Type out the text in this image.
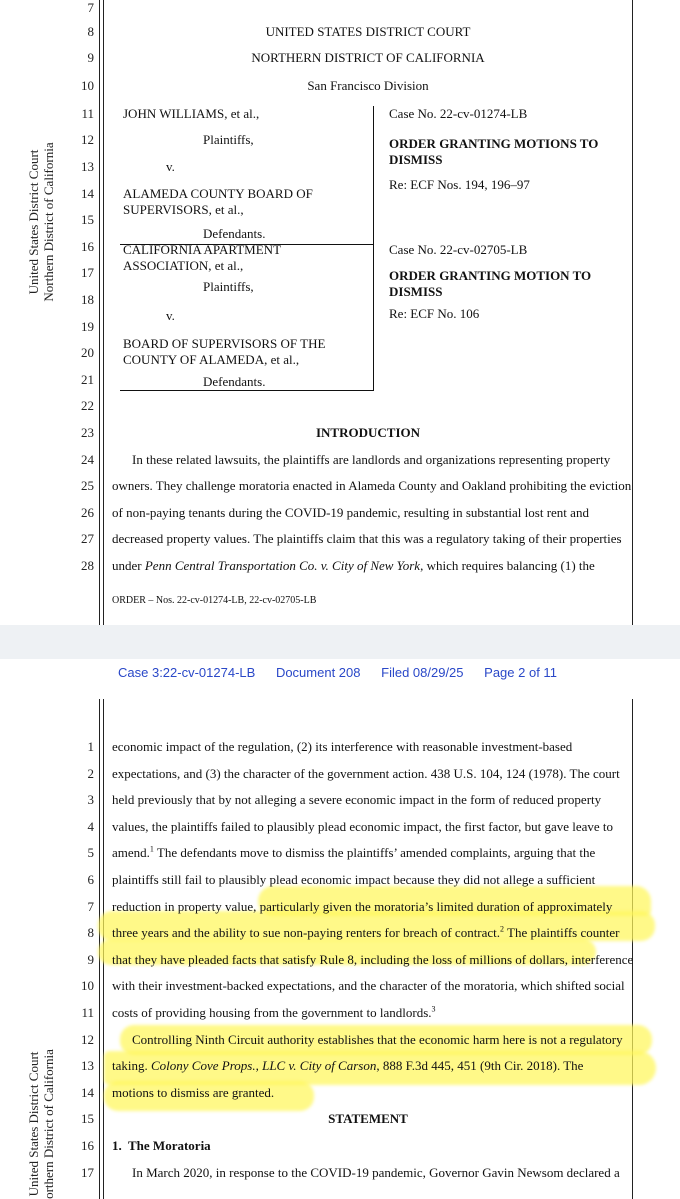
7
8
9
10
11
12
13
14
15
16
17
18
19
20
21
22
23
24
25
26
27
28
United States District Court Northern District of California
UNITED STATES DISTRICT COURT
NORTHERN DISTRICT OF CALIFORNIA
San Francisco Division
JOHN WILLIAMS, et al.,
Plaintiffs,
v.
ALAMEDA COUNTY BOARD OF
SUPERVISORS, et al.,
Defendants.
Case No. 22-cv-01274-LB
ORDER GRANTING MOTIONS TO
DISMISS
Re: ECF Nos. 194, 196–97
CALIFORNIA APARTMENT
ASSOCIATION, et al.,
Plaintiffs,
v.
BOARD OF SUPERVISORS OF THE
COUNTY OF ALAMEDA, et al.,
Defendants.
Case No. 22-cv-02705-LB
ORDER GRANTING MOTION TO
DISMISS
Re: ECF No. 106
INTRODUCTION
In these related lawsuits, the plaintiffs are landlords and organizations representing property
owners. They challenge moratoria enacted in Alameda County and Oakland prohibiting the eviction
of non-paying tenants during the COVID-19 pandemic, resulting in substantial lost rent and
decreased property values. The plaintiffs claim that this was a regulatory taking of their properties
under Penn Central Transportation Co. v. City of New York, which requires balancing (1) the
ORDER – Nos. 22-cv-01274-LB, 22-cv-02705-LB
Case 3:22-cv-01274-LB Document 208 Filed 08/29/25 Page 2 of 11
1
2
3
4
5
6
7
8
9
10
11
12
13
14
15
16
17
United States District Court orthern District of California
economic impact of the regulation, (2) its interference with reasonable investment-based
expectations, and (3) the character of the government action. 438 U.S. 104, 124 (1978). The court
held previously that by not alleging a severe economic impact in the form of reduced property
values, the plaintiffs failed to plausibly plead economic impact, the first factor, but gave leave to
amend.$^1$ The defendants move to dismiss the plaintiffs’ amended complaints, arguing that the
plaintiffs still fail to plausibly plead economic impact because they did not allege a sufficient
reduction in property value, particularly given the moratoria’s limited duration of approximately
three years and the ability to sue non-paying renters for breach of contract.$^2$ The plaintiffs counter
that they have pleaded facts that satisfy Rule 8, including the loss of millions of dollars, interference
with their investment-backed expectations, and the character of the moratoria, which shifted social
costs of providing housing from the government to landlords.$^3$
Controlling Ninth Circuit authority establishes that the economic harm here is not a regulatory
taking. Colony Cove Props., LLC v. City of Carson, 888 F.3d 445, 451 (9th Cir. 2018). The
motions to dismiss are granted.
STATEMENT
1.  The Moratoria
In March 2020, in response to the COVID-19 pandemic, Governor Gavin Newsom declared a
